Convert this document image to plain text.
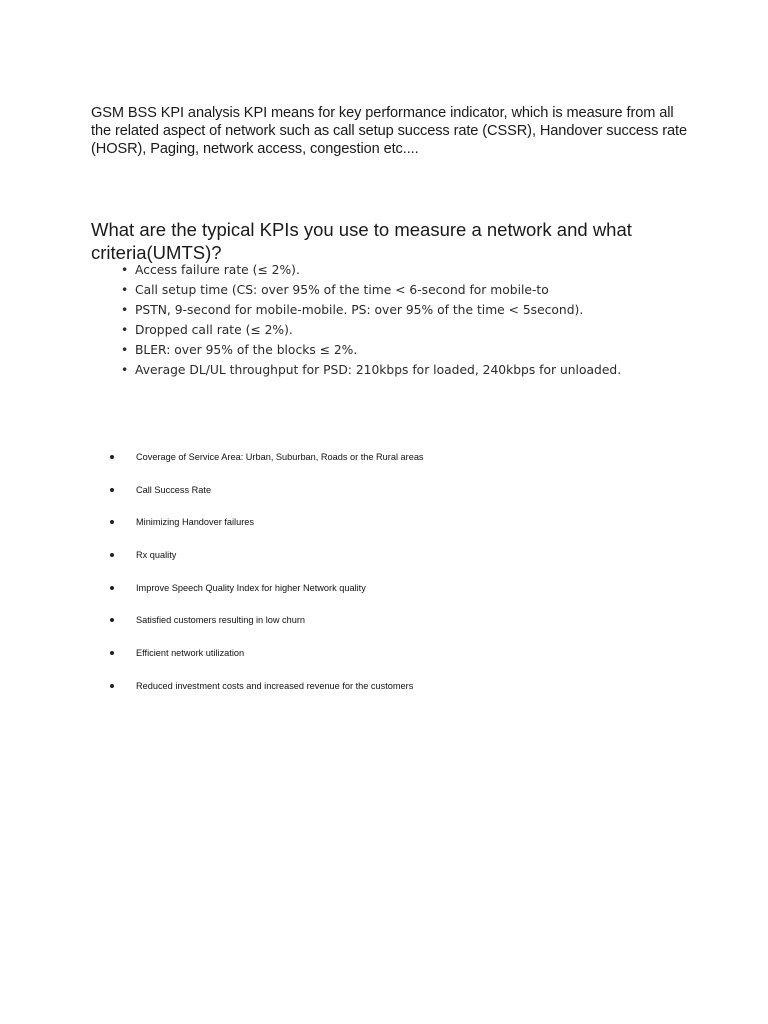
GSM BSS KPI analysis KPI means for key performance indicator, which is measure from all the related aspect of network such as call setup success rate (CSSR), Handover success rate (HOSR), Paging, network access, congestion etc....

What are the typical KPIs you use to measure a network and what criteria(UMTS)?
• Access failure rate (≤ 2%).
• Call setup time (CS: over 95% of the time < 6-second for mobile-to
• PSTN, 9-second for mobile-mobile. PS: over 95% of the time < 5second).
• Dropped call rate (≤ 2%).
• BLER: over 95% of the blocks ≤ 2%.
• Average DL/UL throughput for PSD: 210kbps for loaded, 240kbps for unloaded.
Coverage of Service Area: Urban, Suburban, Roads or the Rural areas
Call Success Rate
Minimizing Handover failures
Rx quality
Improve Speech Quality Index for higher Network quality
Satisfied customers resulting in low churn
Efficient network utilization
Reduced investment costs and increased revenue for the customers
